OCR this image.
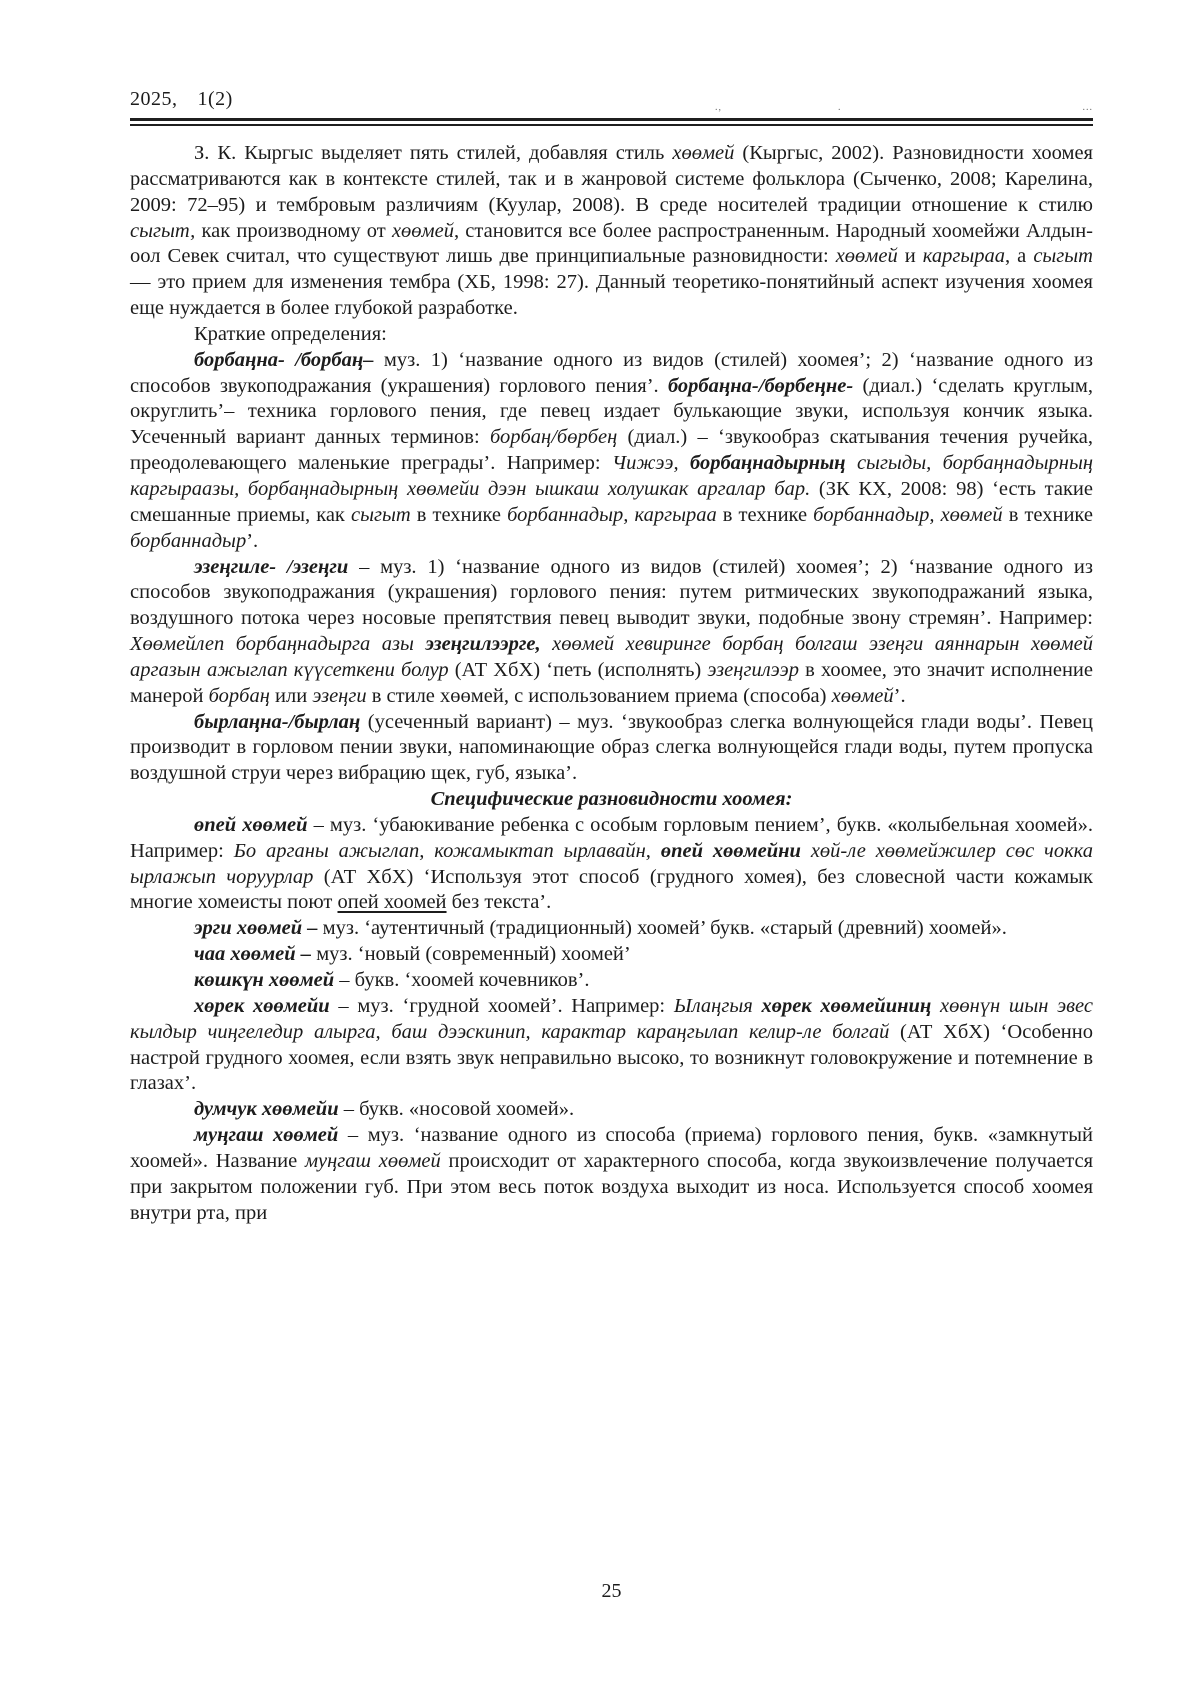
2025, 1(2)	.,	.	...

З. К. Кыргыс выделяет пять стилей, добавляя стиль хөөмей (Кыргыс, 2002). Разновидности хоомея рассматриваются как в контексте стилей, так и в жанровой системе фольклора (Сыченко, 2008; Карелина, 2009: 72–95) и тембровым различиям (Куулар, 2008). В среде носителей традиции отношение к стилю сыгыт, как производному от хөөмей, становится все более распространенным. Народный хоомейжи Алдын-оол Севек считал, что существуют лишь две принципиальные разновидности: хөөмей и каргыраа, а сыгыт — это прием для изменения тембра (ХБ, 1998: 27). Данный теоретико-понятийный аспект изучения хоомея еще нуждается в более глубокой разработке.

Краткие определения:

борбаңна- /борбаң– муз. 1) ‘название одного из видов (стилей) хоомея’; 2) ‘название одного из способов звукоподражания (украшения) горлового пения’. борбаңна-/бөрбеңне- (диал.) ‘сделать круглым, округлить’– техника горлового пения, где певец издает булькающие звуки, используя кончик языка. Усеченный вариант данных терминов: борбаң/бөрбең (диал.) – ‘звукообраз скатывания течения ручейка, преодолевающего маленькие преграды’. Например: Чижээ, борбаңнадырның сыгыды, борбаңнадырның каргыраазы, борбаңнадырның хөөмейи дээн ышкаш холушкак аргалар бар. (ЗК КХ, 2008: 98) ‘есть такие смешанные приемы, как сыгыт в технике борбаннадыр, каргыраа в технике борбаннадыр, хөөмей в технике борбаннадыр’.

эзеңгиле- /эзеңги – муз. 1) ‘название одного из видов (стилей) хоомея’; 2) ‘название одного из способов звукоподражания (украшения) горлового пения: путем ритмических звукоподражаний языка, воздушного потока через носовые препятствия певец выводит звуки, подобные звону стремян’. Например: Хөөмейлеп борбаңнадырга азы эзеңгилээрге, хөөмей хевиринге борбаң болгаш эзеңги аяннарын хөөмей аргазын ажыглап күүсеткени болур (АТ ХбХ) ‘петь (исполнять) эзеңгилээр в хоомее, это значит исполнение манерой борбаң или эзеңги в стиле хөөмей, с использованием приема (способа) хөөмей’.

бырлаңна-/бырлаң (усеченный вариант) – муз. ‘звукообраз слегка волнующейся глади воды’. Певец производит в горловом пении звуки, напоминающие образ слегка волнующейся глади воды, путем пропуска воздушной струи через вибрацию щек, губ, языка’.

Специфические разновидности хоомея:

өпей хөөмей – муз. ‘убаюкивание ребенка с особым горловым пением’, букв. «колыбельная хоомей». Например: Бо арганы ажыглап, кожамыктап ырлавайн, өпей хөөмейни хөй-ле хөөмейжилер сөс чокка ырлажып чоруурлар (АТ ХбХ) ‘Используя этот способ (грудного хомея), без словесной части кожамык многие хомеисты поют опей хоомей без текста’.

эрги хөөмей – муз. ‘аутентичный (традиционный) хоомей’ букв. «старый (древний) хоомей».

чаа хөөмей – муз. ‘новый (современный) хоомей’

көшкүн хөөмей – букв. ‘хоомей кочевников’.

хөрек хөөмейи – муз. ‘грудной хоомей’. Например: Ылаңгыя хөрек хөөмейиниң хөөнүн шын эвес кылдыр чиңгеледир алырга, баш дээскинип, карактар караңгылап келир-ле болгай (АТ ХбХ) ‘Особенно настрой грудного хоомея, если взять звук неправильно высоко, то возникнут головокружение и потемнение в глазах’.

думчук хөөмейи – букв. «носовой хоомей».

муңгаш хөөмей – муз. ‘название одного из способа (приема) горлового пения, букв. «замкнутый хоомей». Название муңгаш хөөмей происходит от характерного способа, когда звукоизвлечение получается при закрытом положении губ. При этом весь поток воздуха выходит из носа. Используется способ хоомея внутри рта, при

25
